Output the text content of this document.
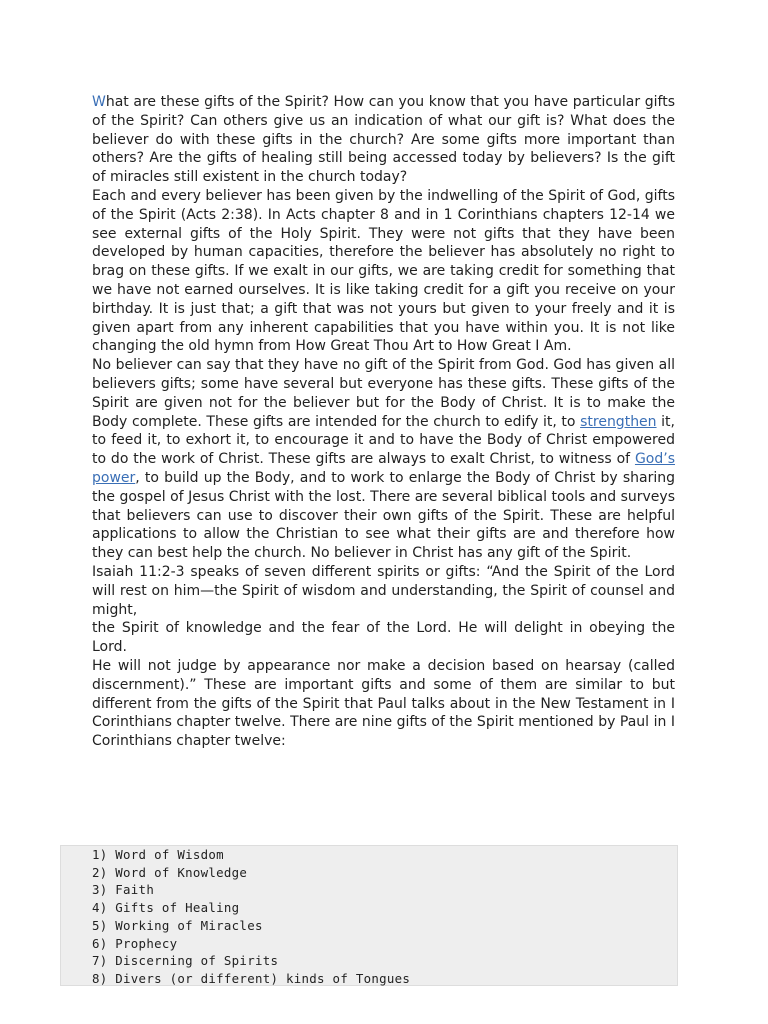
What are these gifts of the Spirit? How can you know that you have particular gifts of the Spirit? Can others give us an indication of what our gift is? What does the believer do with these gifts in the church? Are some gifts more important than others? Are the gifts of healing still being accessed today by believers? Is the gift of miracles still existent in the church today?

Each and every believer has been given by the indwelling of the Spirit of God, gifts of the Spirit (Acts 2:38). In Acts chapter 8 and in 1 Corinthians chapters 12-14 we see external gifts of the Holy Spirit. They were not gifts that they have been developed by human capacities, therefore the believer has absolutely no right to brag on these gifts. If we exalt in our gifts, we are taking credit for something that we have not earned ourselves. It is like taking credit for a gift you receive on your birthday. It is just that; a gift that was not yours but given to your freely and it is given apart from any inherent capabilities that you have within you. It is not like changing the old hymn from How Great Thou Art to How Great I Am.

No believer can say that they have no gift of the Spirit from God. God has given all believers gifts; some have several but everyone has these gifts. These gifts of the Spirit are given not for the believer but for the Body of Christ. It is to make the Body complete. These gifts are intended for the church to edify it, to strengthen it, to feed it, to exhort it, to encourage it and to have the Body of Christ empowered to do the work of Christ. These gifts are always to exalt Christ, to witness of God’s power, to build up the Body, and to work to enlarge the Body of Christ by sharing the gospel of Jesus Christ with the lost. There are several biblical tools and surveys that believers can use to discover their own gifts of the Spirit. These are helpful applications to allow the Christian to see what their gifts are and therefore how they can best help the church. No believer in Christ has any gift of the Spirit.

Isaiah 11:2-3 speaks of seven different spirits or gifts: “And the Spirit of the Lord will rest on him—the Spirit of wisdom and understanding, the Spirit of counsel and might,
the Spirit of knowledge and the fear of the Lord. He will delight in obeying the Lord.
He will not judge by appearance nor make a decision based on hearsay (called discernment).” These are important gifts and some of them are similar to but different from the gifts of the Spirit that Paul talks about in the New Testament in I Corinthians chapter twelve. There are nine gifts of the Spirit mentioned by Paul in I Corinthians chapter twelve:

1) Word of Wisdom
2) Word of Knowledge
3) Faith
4) Gifts of Healing
5) Working of Miracles
6) Prophecy
7) Discerning of Spirits
8) Divers (or different) kinds of Tongues
